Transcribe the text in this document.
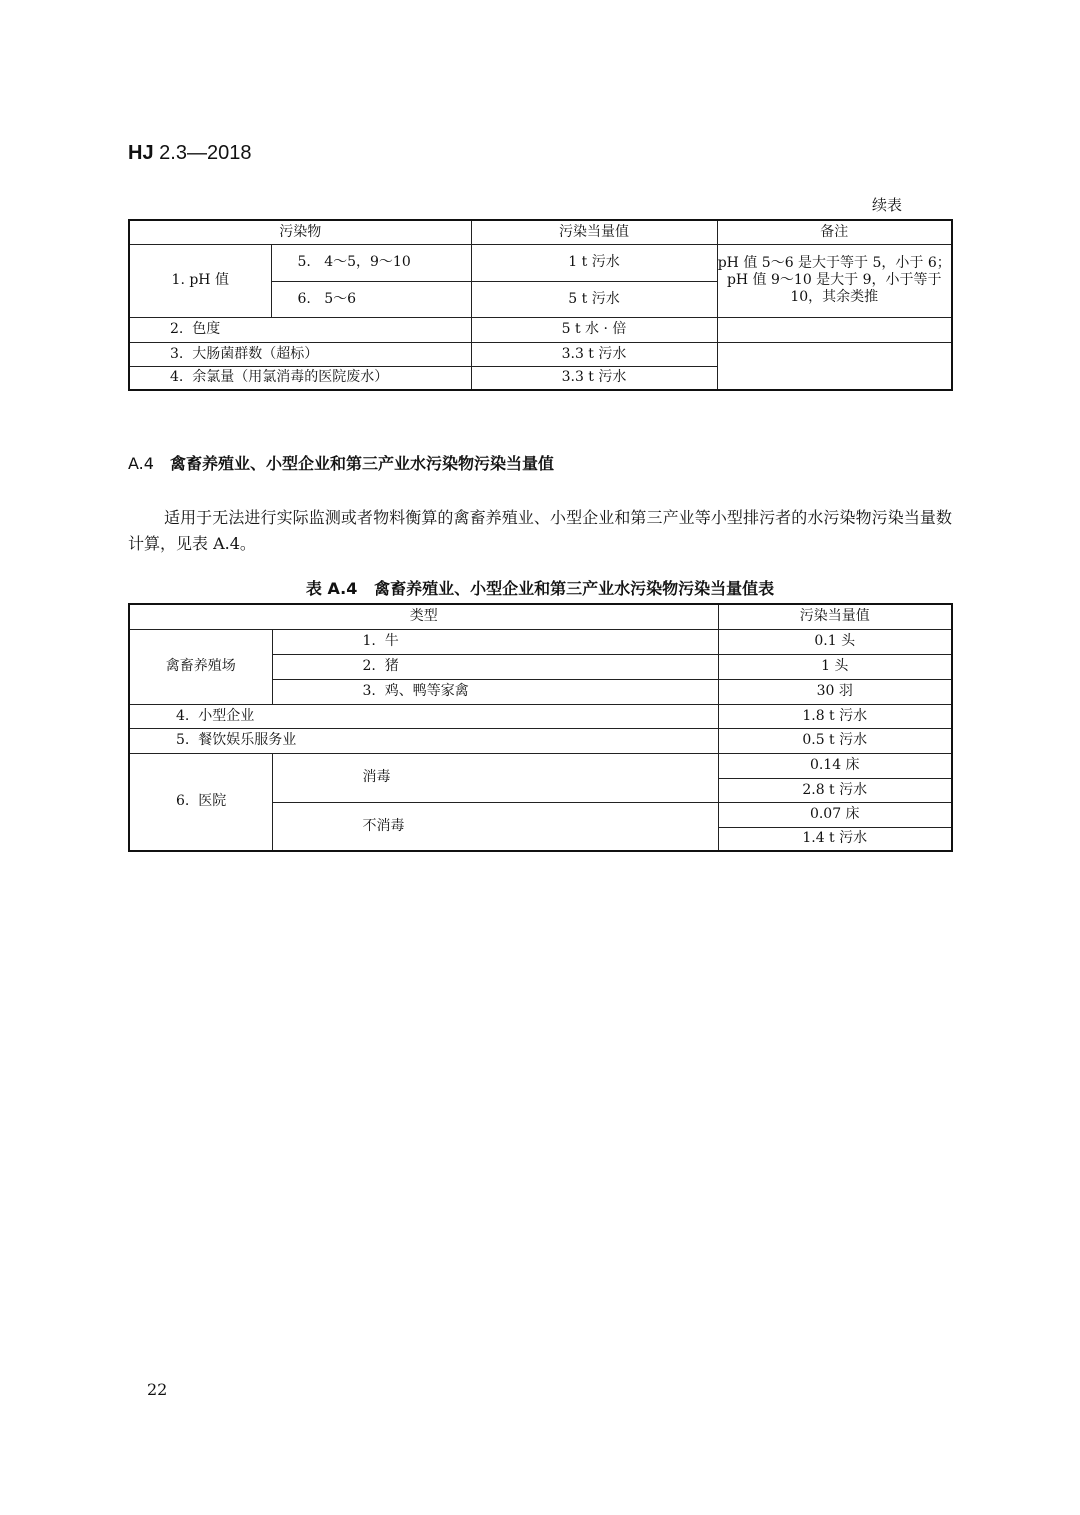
HJ 2.3—2018
续表
污染物		污染当量值	备注
1. pH 值	5.   4～5，9～10	1 t 污水	pH 值 5～6 是大于等于 5，小于 6；
pH 值 9～10 是大于 9，小于等于
10，其余类推

	6.   5～6	5 t 污水	
2.  色度		5 t 水 · 倍	
3.  大肠菌群数（超标）		3.3 t 污水	
4.  余氯量（用氯消毒的医院废水）		3.3 t 污水	
A.4 禽畜养殖业、小型企业和第三产业水污染物污染当量值
适用于无法进行实际监测或者物料衡算的禽畜养殖业、小型企业和第三产业等小型排污者的水污染物污染当量数计算，见表 A.4。
表 A.4   禽畜养殖业、小型企业和第三产业水污染物污染当量值表
类型		污染当量值
禽畜养殖场	1.  牛	0.1 头
	2.  猪	1 头
	3.  鸡、鸭等家禽	30 羽
4.  小型企业		1.8 t 污水
5.  餐饮娱乐服务业		0.5 t 污水
6.  医院	消毒	0.14 床
		2.8 t 污水
	不消毒	0.07 床
		1.4 t 污水
22
